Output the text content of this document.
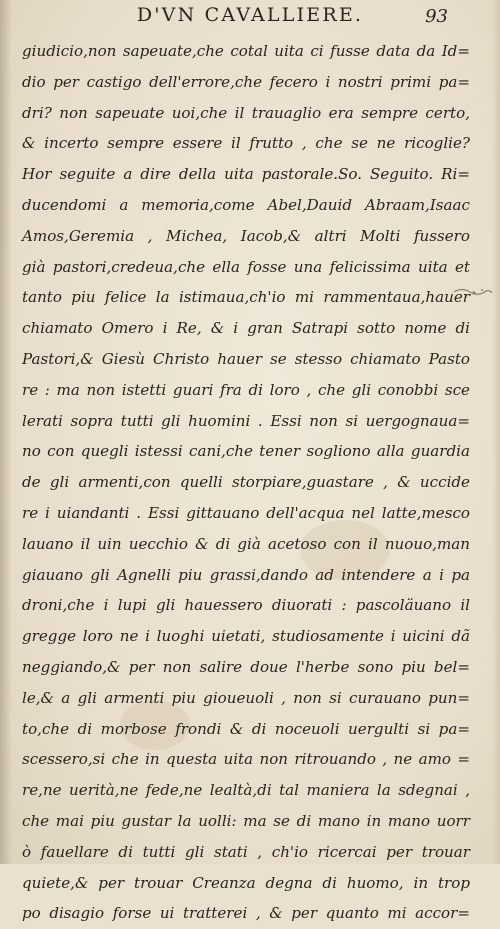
D'VN CAVALLIERE.	93
giudicio,non sapeuate,che cotal uita ci fusse data da Id=
dio per castigo dell'errore,che fecero i nostri primi pa=
dri? non sapeuate uoi,che il trauaglio era sempre certo,
& incerto sempre essere il frutto , che se ne ricoglie?
Hor seguite a dire della uita pastorale.So. Seguito. Ri=
ducendomi a memoria,come Abel,Dauid Abraam,Isaac
Amos,Geremia , Michea, Iacob,& altri Molti fussero
già pastori,credeua,che ella fosse una felicissima uita et
tanto piu felice la istimaua,ch'io mi rammentaua,hauer
chiamato Omero i Re, & i gran Satrapi sotto nome di
Pastori,& Giesù Christo hauer se stesso chiamato Pasto
re : ma non istetti guari fra di loro , che gli conobbi sce
lerati sopra tutti gli huomini . Essi non si uergognaua=
no con quegli istessi cani,che tener sogliono alla guardia
de gli armenti,con quelli storpiare,guastare , & uccide
re i uiandanti . Essi gittauano dell'acqua nel latte,mesco
lauano il uin uecchio & di già acetoso con il nuouo,man
giauano gli Agnelli piu grassi,dando ad intendere a i pa
droni,che i lupi gli hauessero diuorati : pascoläuano il
gregge loro ne i luoghi uietati, studiosamente i uicini dã
neggiando,& per non salire doue l'herbe sono piu bel=
le,& a gli armenti piu gioueuoli , non si curauano pun=
to,che di morbose frondi & di noceuoli uergulti si pa=
scessero,si che in questa uita non ritrouando , ne amo =
re,ne uerità,ne fede,ne lealtà,di tal maniera la sdegnai ,
che mai piu gustar la uolli: ma se di mano in mano uorr
ò fauellare di tutti gli stati , ch'io ricercai per trouar
quiete,& per trouar Creanza degna di huomo, in trop
po disagio forse ui tratterei , & per quanto mi accor=
